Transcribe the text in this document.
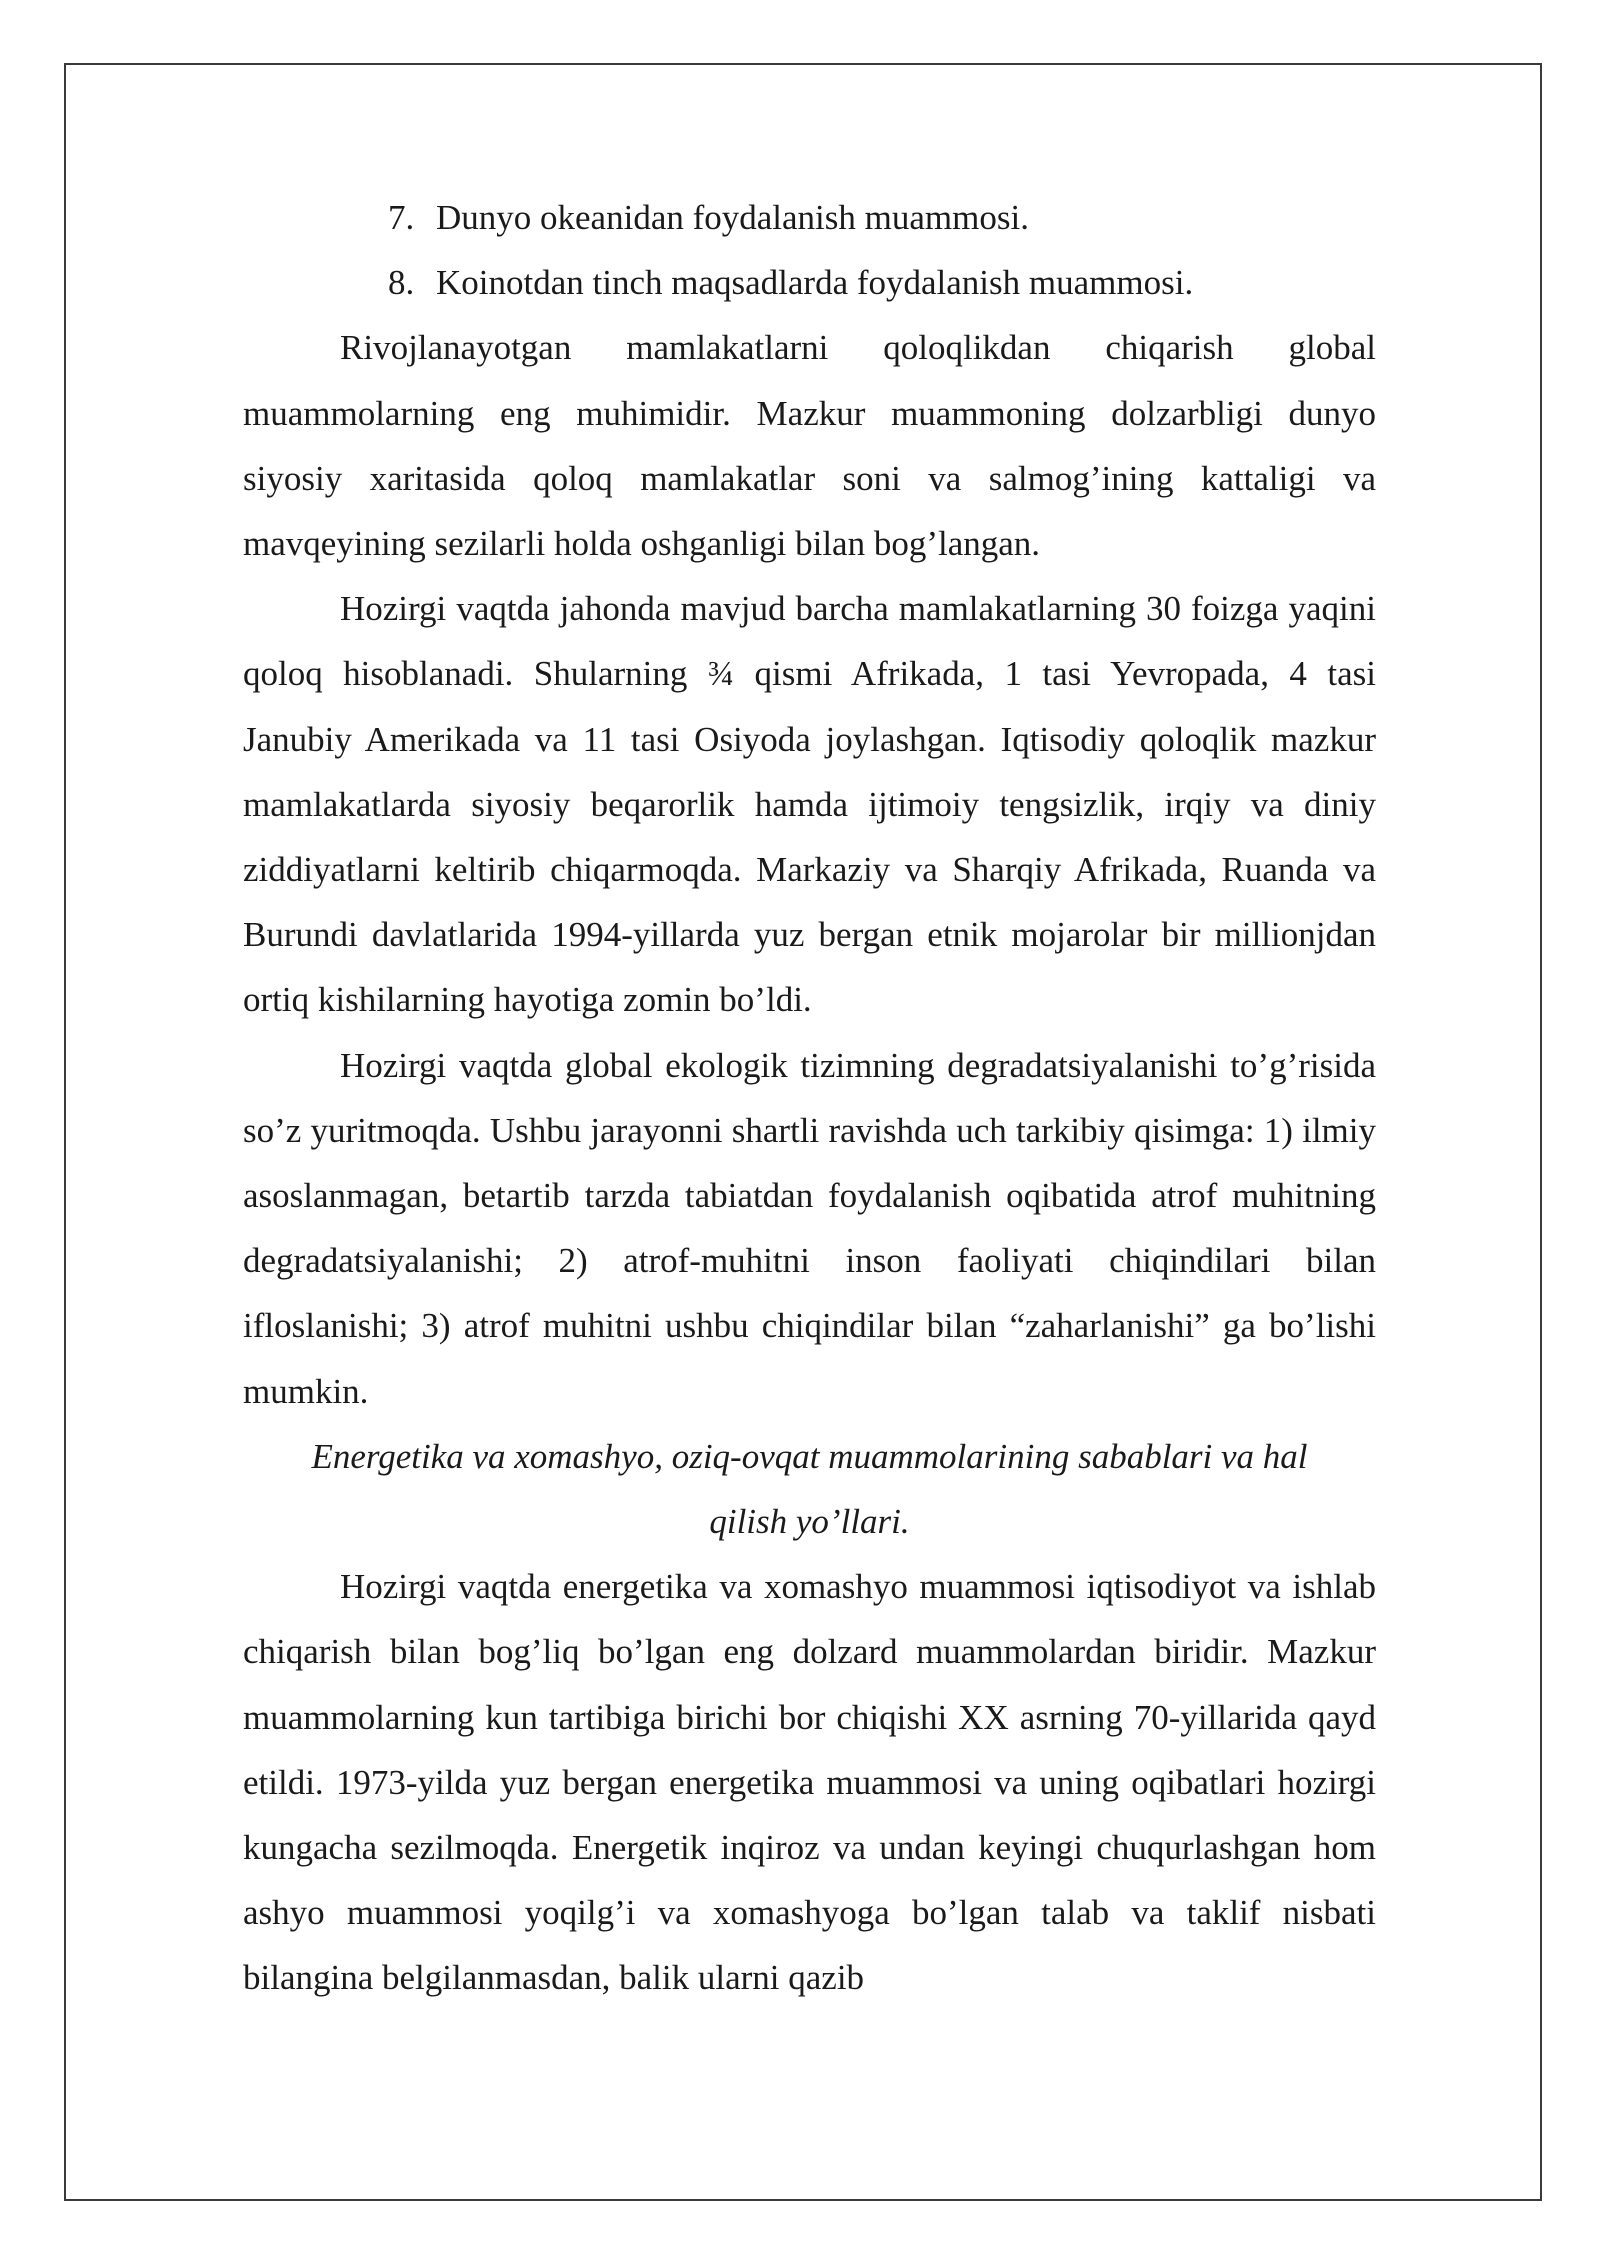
7. Dunyo okeanidan foydalanish muammosi.

8. Koinotdan tinch maqsadlarda foydalanish muammosi.

Rivojlanayotgan mamlakatlarni qoloqlikdan chiqarish global muammolarning eng muhimidir. Mazkur muammoning dolzarbligi dunyo siyosiy xaritasida qoloq mamlakatlar soni va salmog’ining kattaligi va mavqeyining sezilarli holda oshganligi bilan bog’langan.

Hozirgi vaqtda jahonda mavjud barcha mamlakatlarning 30 foizga yaqini qoloq hisoblanadi. Shularning ¾ qismi Afrikada, 1 tasi Yevropada, 4 tasi Janubiy Amerikada va 11 tasi Osiyoda joylashgan. Iqtisodiy qoloqlik mazkur mamlakatlarda siyosiy beqarorlik hamda ijtimoiy tengsizlik, irqiy va diniy ziddiyatlarni keltirib chiqarmoqda. Markaziy va Sharqiy Afrikada, Ruanda va Burundi davlatlarida 1994-yillarda yuz bergan etnik mojarolar bir millionjdan ortiq kishilarning hayotiga zomin bo’ldi.

Hozirgi vaqtda global ekologik tizimning degradatsiyalanishi to’g’risida so’z yuritmoqda. Ushbu jarayonni shartli ravishda uch tarkibiy qisimga: 1) ilmiy asoslanmagan, betartib tarzda tabiatdan foydalanish oqibatida atrof muhitning degradatsiyalanishi; 2) atrof-muhitni inson faoliyati chiqindilari bilan ifloslanishi; 3) atrof muhitni ushbu chiqindilar bilan “zaharlanishi” ga bo’lishi mumkin.

Energetika va xomashyo, oziq-ovqat muammolarining sabablari va hal
qilish yo’llari.

Hozirgi vaqtda energetika va xomashyo muammosi iqtisodiyot va ishlab chiqarish bilan bog’liq bo’lgan eng dolzard muammolardan biridir. Mazkur muammolarning kun tartibiga birichi bor chiqishi XX asrning 70-yillarida qayd etildi. 1973-yilda yuz bergan energetika muammosi va uning oqibatlari hozirgi kungacha sezilmoqda. Energetik inqiroz va undan keyingi chuqurlashgan hom ashyo muammosi yoqilg’i va xomashyoga bo’lgan talab va taklif nisbati bilangina belgilanmasdan, balik ularni qazib
